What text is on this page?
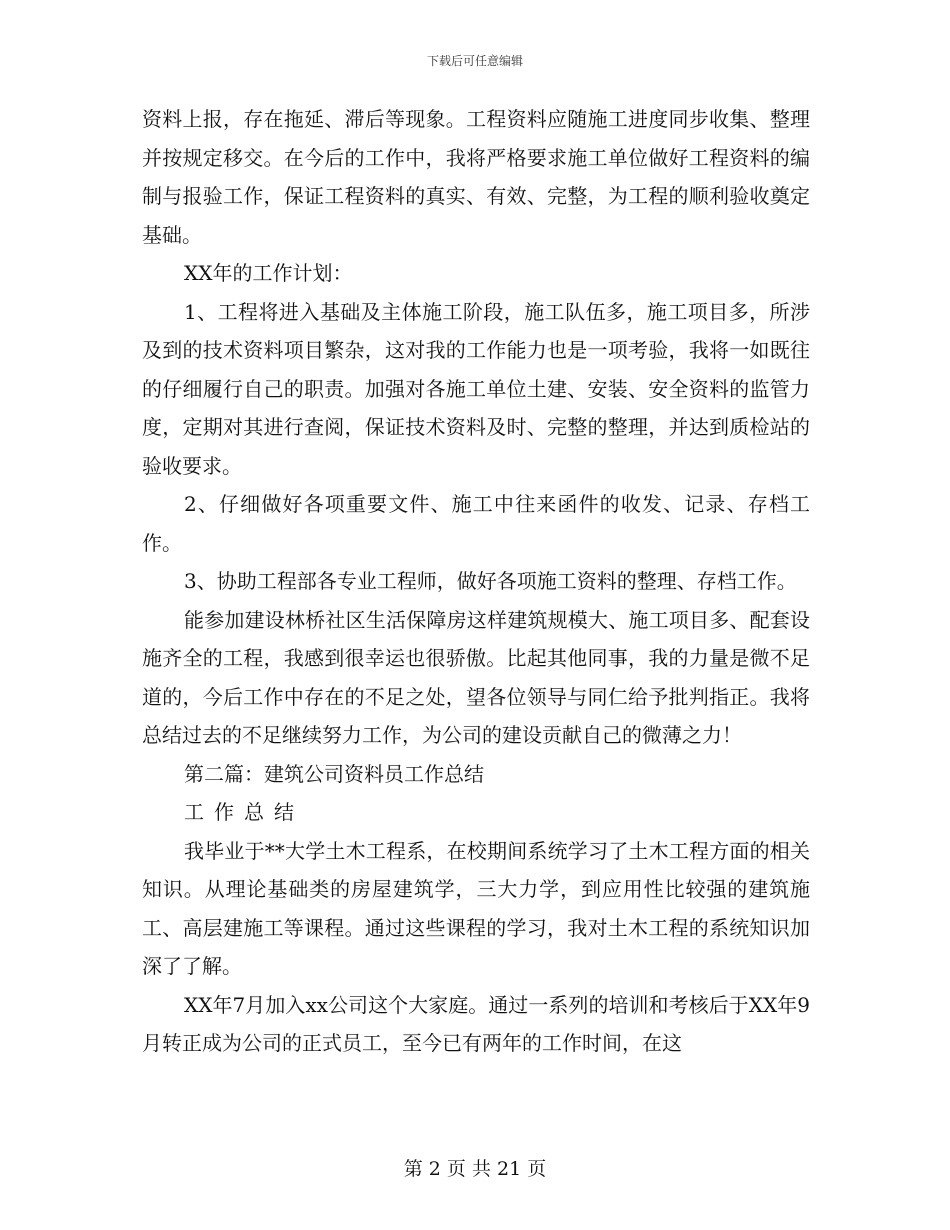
下载后可任意编辑

资料上报，存在拖延、滞后等现象。工程资料应随施工进度同步收集、整理并按规定移交。在今后的工作中，我将严格要求施工单位做好工程资料的编制与报验工作，保证工程资料的真实、有效、完整，为工程的顺利验收奠定基础。

XX年的工作计划：

1、工程将进入基础及主体施工阶段，施工队伍多，施工项目多，所涉及到的技术资料项目繁杂，这对我的工作能力也是一项考验，我将一如既往的仔细履行自己的职责。加强对各施工单位土建、安装、安全资料的监管力度，定期对其进行查阅，保证技术资料及时、完整的整理，并达到质检站的验收要求。

2、仔细做好各项重要文件、施工中往来函件的收发、记录、存档工作。

3、协助工程部各专业工程师，做好各项施工资料的整理、存档工作。

能参加建设林桥社区生活保障房这样建筑规模大、施工项目多、配套设施齐全的工程，我感到很幸运也很骄傲。比起其他同事，我的力量是微不足道的，今后工作中存在的不足之处，望各位领导与同仁给予批判指正。我将总结过去的不足继续努力工作，为公司的建设贡献自己的微薄之力！

第二篇：建筑公司资料员工作总结

工作总结

我毕业于**大学土木工程系，在校期间系统学习了土木工程方面的相关知识。从理论基础类的房屋建筑学，三大力学，到应用性比较强的建筑施工、高层建施工等课程。通过这些课程的学习，我对土木工程的系统知识加深了了解。

XX年7月加入xx公司这个大家庭。通过一系列的培训和考核后于XX年9月转正成为公司的正式员工，至今已有两年的工作时间，在这

第 2 页 共 21 页
